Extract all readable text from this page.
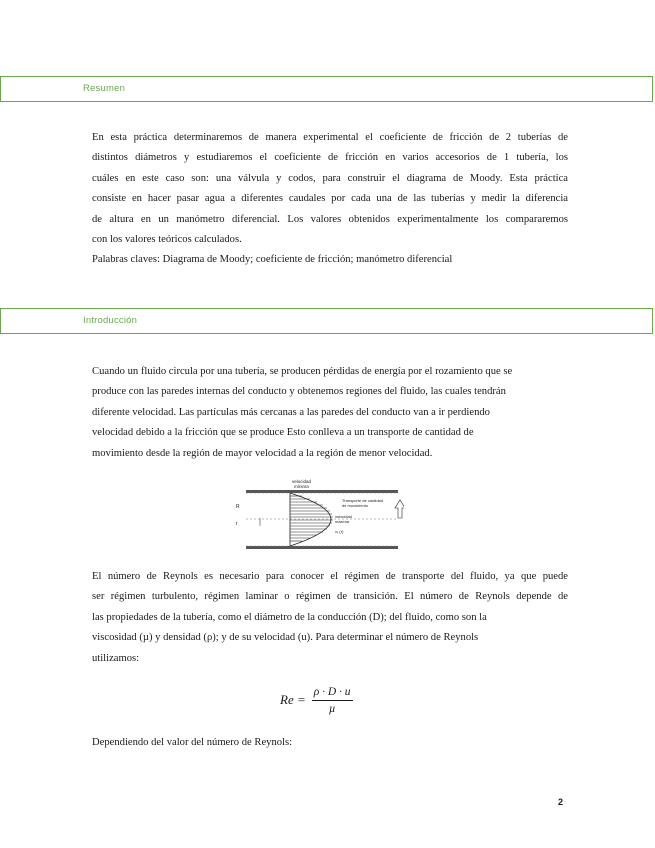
Resumen

En esta práctica determinaremos de manera experimental el coeficiente de fricción de 2 tuberías de
distintos diámetros y estudiaremos el coeficiente de fricción en varios accesorios de 1 tubería, los
cuáles en este caso son: una válvula y codos, para construir el diagrama de Moody. Esta práctica
consiste en hacer pasar agua a diferentes caudales por cada una de las tuberías y medir la diferencia
de altura en un manómetro diferencial. Los valores obtenidos experimentalmente los compararemos
con los valores teóricos calculados.
Palabras claves: Diagrama de Moody; coeficiente de fricción; manómetro diferencial

Introducción

Cuando un fluido circula por una tubería, se producen pérdidas de energía por el rozamiento que se
produce con las paredes internas del conducto y obtenemos regiones del fluido, las cuales tendrán
diferente velocidad. Las partículas más cercanas a las paredes del conducto van a ir perdiendo
velocidad debido a la fricción que se produce Esto conlleva a un transporte de cantidad de
movimiento desde la región de mayor velocidad a la región de menor velocidad.

velocidad
mínima
Transporte de cantidad
de movimiento
velocidad
máxima
vₓ (r)
R
r

El número de Reynols es necesario para conocer el régimen de transporte del fluido, ya que puede
ser régimen turbulento, régimen laminar o régimen de transición. El número de Reynols depende de
las propiedades de la tubería, como el diámetro de la conducción (D); del fluido, como son la
viscosidad (µ) y densidad (ρ); y de su velocidad (u). Para determinar el número de Reynols
utilizamos:

$Re = \frac{\rho \cdot D \cdot u}{\text{µ}}$

Dependiendo del valor del número de Reynols:

2
